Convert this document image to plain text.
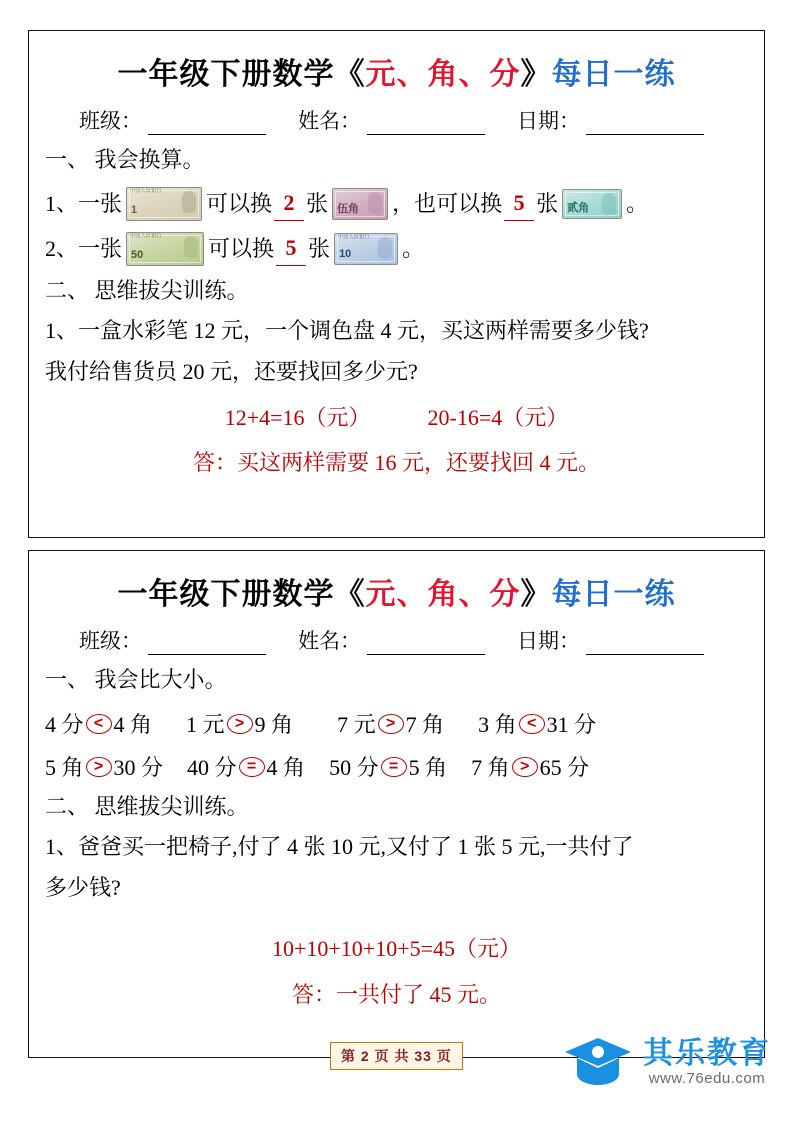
一年级下册数学《元、角、分》每日一练
班级：	姓名：	日期：
一、 我会换算。
1、 一张 中国人民银行
1	可以换 2 张 伍角 ，也可以换 5 张 贰角 。
2、 一张 中国人民银行
50	可以换 5 张 中国人民银行
10 。
二、 思维拔尖训练。
1、一盒水彩笔 12 元，一个调色盘 4 元，买这两样需要多少钱?
我付给售货员 20 元，还要找回多少元?
12+4=16（元）	20-16=4（元）
答：买这两样需要 16 元，还要找回 4 元。
一年级下册数学《元、角、分》每日一练
班级：	姓名：	日期：
一、 我会比大小。
4 分 < 4 角 1 元 > 9 角 7 元 > 7 角 3 角 < 31 分
5 角 > 30 分 40 分 = 4 角 50 分 = 5 角 7 角 > 65 分
二、 思维拔尖训练。
1、爸爸买一把椅子,付了 4 张 10 元,又付了 1 张 5 元,一共付了
多少钱?
10+10+10+10+5=45（元）
答：一共付了 45 元。
第 2 页 共 33 页	其乐教育
www.76edu.com
